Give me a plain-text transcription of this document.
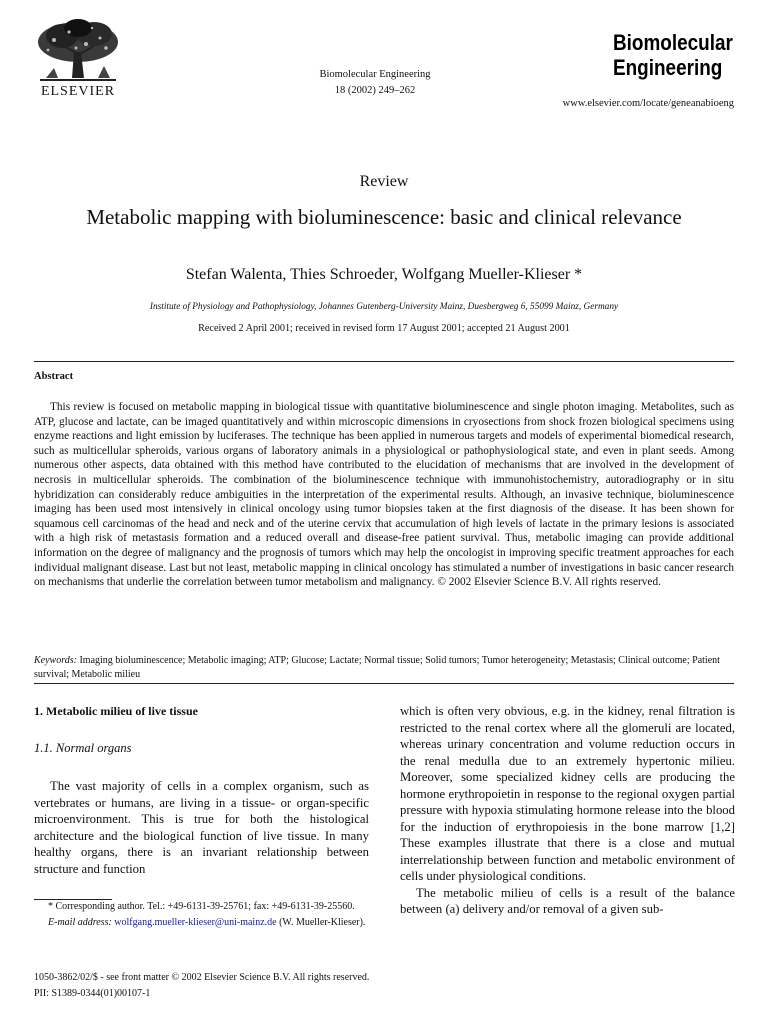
ELSEVIER
Biomolecular Engineering
18 (2002) 249–262
Biomolecular
Engineering
www.elsevier.com/locate/geneanabioeng
Review
Metabolic mapping with bioluminescence: basic and clinical relevance
Stefan Walenta, Thies Schroeder, Wolfgang Mueller-Klieser *
Institute of Physiology and Pathophysiology, Johannes Gutenberg-University Mainz, Duesbergweg 6, 55099 Mainz, Germany
Received 2 April 2001; received in revised form 17 August 2001; accepted 21 August 2001
Abstract
This review is focused on metabolic mapping in biological tissue with quantitative bioluminescence and single photon imaging. Metabolites, such as ATP, glucose and lactate, can be imaged quantitatively and within microscopic dimensions in cryosections from shock frozen biological specimens using enzyme reactions and light emission by luciferases. The technique has been applied in numerous targets and models of experimental biomedical research, such as multicellular spheroids, various organs of laboratory animals in a physiological or pathophysiological state, and even in plant seeds. Among numerous other aspects, data obtained with this method have contributed to the elucidation of mechanisms that are involved in the development of necrosis in multicellular spheroids. The combination of the bioluminescence technique with immunohistochemistry, autoradiography or in situ hybridization can considerably reduce ambiguities in the interpretation of the experimental results. Although, an invasive technique, bioluminescence imaging has been used most intensively in clinical oncology using tumor biopsies taken at the first diagnosis of the disease. It has been shown for squamous cell carcinomas of the head and neck and of the uterine cervix that accumulation of high levels of lactate in the primary lesions is associated with a high risk of metastasis formation and a reduced overall and disease-free patient survival. Thus, metabolic imaging can provide additional information on the degree of malignancy and the prognosis of tumors which may help the oncologist in improving specific treatment approaches for each individual malignant disease. Last but not least, metabolic mapping in clinical oncology has stimulated a number of investigations in basic cancer research on mechanisms that underlie the correlation between tumor metabolism and malignancy. © 2002 Elsevier Science B.V. All rights reserved.
Keywords: Imaging bioluminescence; Metabolic imaging; ATP; Glucose; Lactate; Normal tissue; Solid tumors; Tumor heterogeneity; Metastasis; Clinical outcome; Patient survival; Metabolic milieu
1. Metabolic milieu of live tissue
1.1. Normal organs

The vast majority of cells in a complex organism, such as vertebrates or humans, are living in a tissue- or organ-specific microenvironment. This is true for both the histological architecture and the biological function of live tissue. In many healthy organs, there is an invariant relationship between structure and function

which is often very obvious, e.g. in the kidney, renal filtration is restricted to the renal cortex where all the glomeruli are located, whereas urinary concentration and volume reduction occurs in the renal medulla due to an extremely hypertonic milieu. Moreover, some specialized kidney cells are producing the hormone erythropoietin in response to the regional oxygen partial pressure with hypoxia stimulating hormone release into the blood for the induction of erythropoiesis in the bone marrow [1,2] These examples illustrate that there is a close and mutual interrelationship between function and metabolic environment of cells under physiological conditions.

The metabolic milieu of cells is a result of the balance between (a) delivery and/or removal of a given sub-

* Corresponding author. Tel.: +49-6131-39-25761; fax: +49-6131-39-25560.
E-mail address: wolfgang.mueller-klieser@uni-mainz.de (W. Mueller-Klieser).
1050-3862/02/$ - see front matter © 2002 Elsevier Science B.V. All rights reserved.
PII: S1389-0344(01)00107-1
